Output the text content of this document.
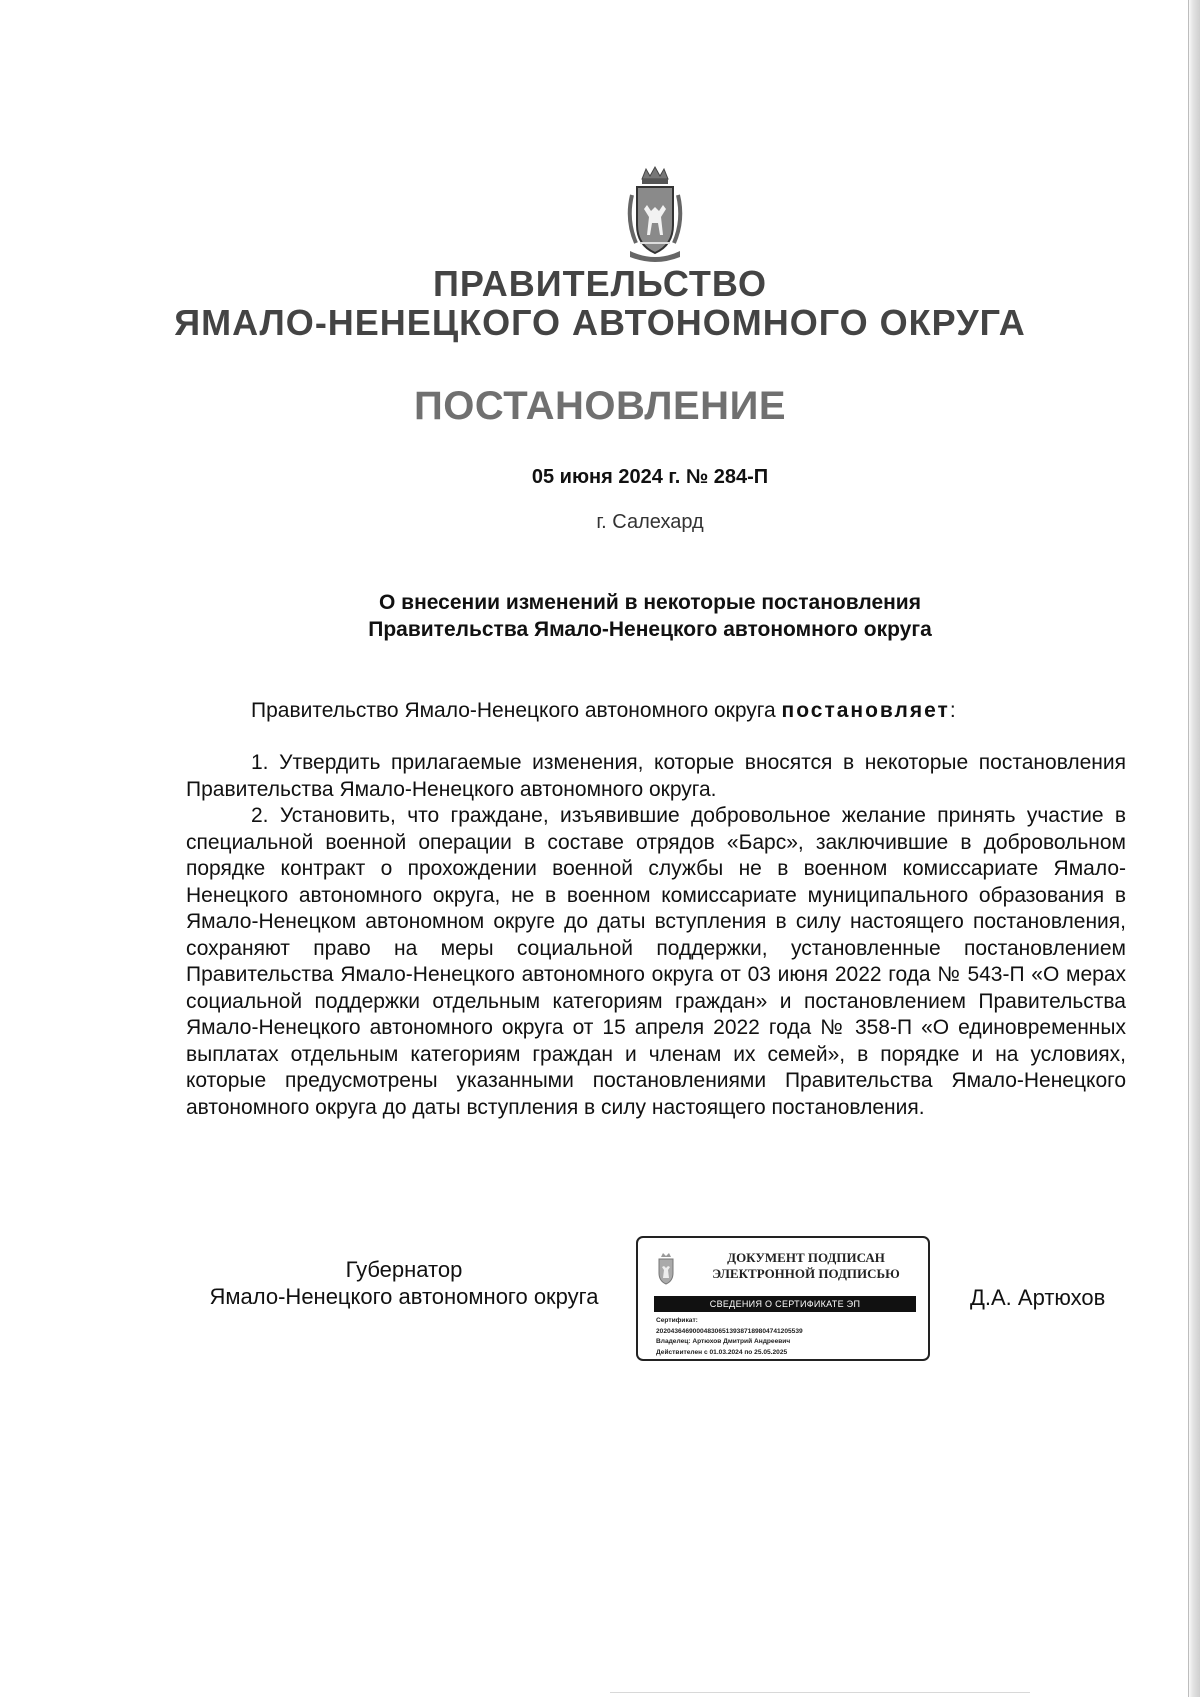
ПРАВИТЕЛЬСТВО
ЯМАЛО-НЕНЕЦКОГО АВТОНОМНОГО ОКРУГА
ПОСТАНОВЛЕНИЕ
05 июня 2024 г. № 284-П
г. Салехард
О внесении изменений в некоторые постановления
Правительства Ямало-Ненецкого автономного округа
Правительство Ямало-Ненецкого автономного округа постановляет:

1. Утвердить прилагаемые изменения, которые вносятся в некоторые постановления Правительства Ямало-Ненецкого автономного округа.

2. Установить, что граждане, изъявившие добровольное желание принять участие в специальной военной операции в составе отрядов «Барс», заключившие в добровольном порядке контракт о прохождении военной службы не в военном комиссариате Ямало-Ненецкого автономного округа, не в военном комиссариате муниципального образования в Ямало-Ненецком автономном округе до даты вступления в силу настоящего постановления, сохраняют право на меры социальной поддержки, установленные постановлением Правительства Ямало-Ненецкого автономного округа от 03 июня 2022 года № 543-П «О мерах социальной поддержки отдельным категориям граждан» и постановлением Правительства Ямало-Ненецкого автономного округа от 15 апреля 2022 года № 358-П «О единовременных выплатах отдельным категориям граждан и членам их семей», в порядке и на условиях, которые предусмотрены указанными постановлениями Правительства Ямало-Ненецкого автономного округа до даты вступления в силу настоящего постановления.

Губернатор
Ямало-Ненецкого автономного округа
ДОКУМЕНТ ПОДПИСАН
ЭЛЕКТРОННОЙ ПОДПИСЬЮ
СВЕДЕНИЯ О СЕРТИФИКАТЕ ЭП
Сертификат:
2020436469000483065139387189804741205539
Владелец: Артюхов Дмитрий Андреевич
Действителен с 01.03.2024 по 25.05.2025
Д.А. Артюхов
